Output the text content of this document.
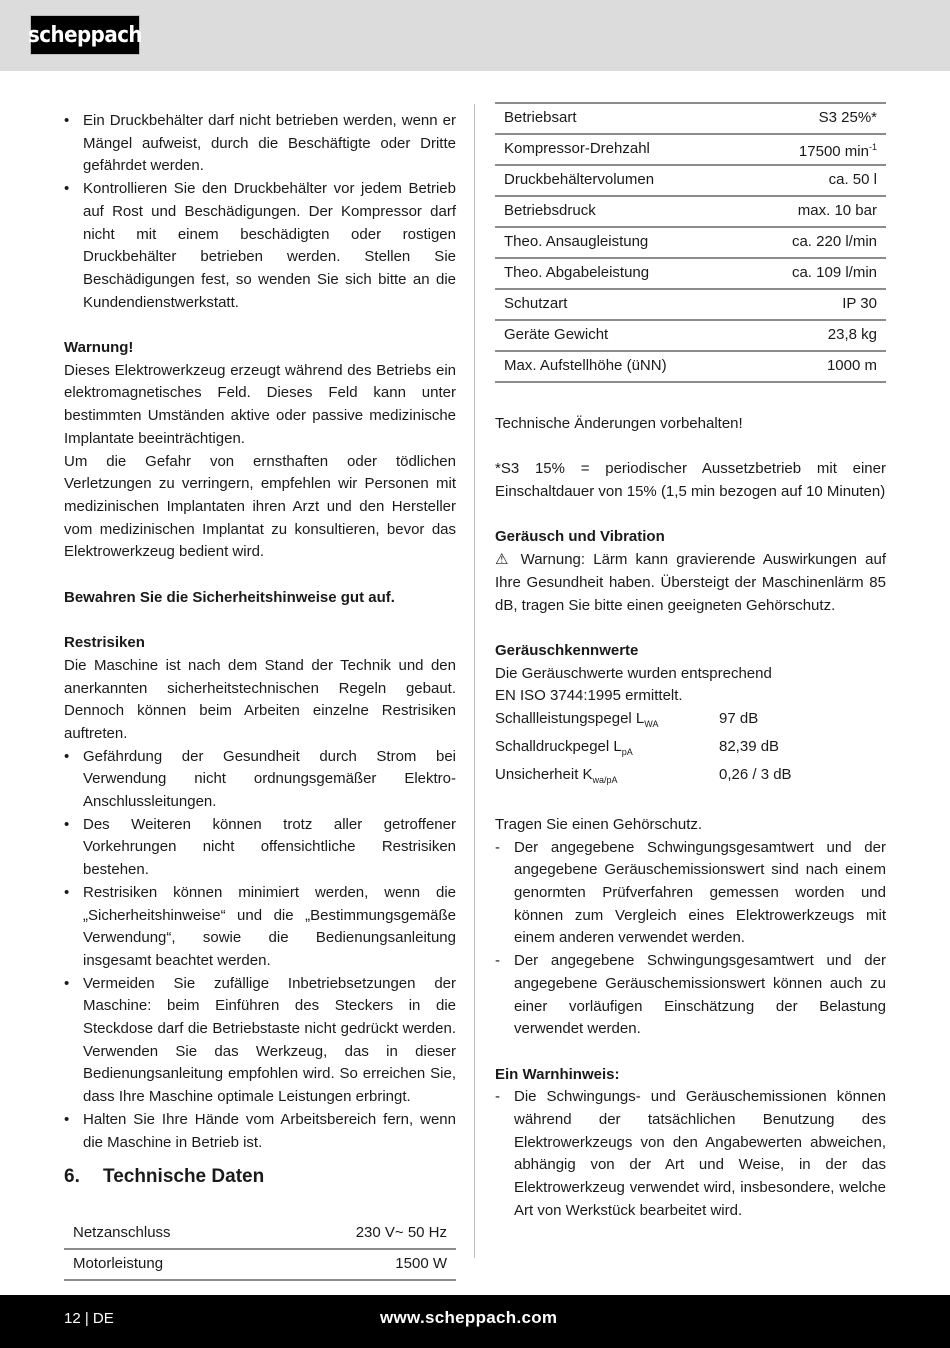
scheppach
• Ein Druckbehälter darf nicht betrieben werden, wenn er Mängel aufweist, durch die Beschäftigte oder Dritte gefährdet werden.
• Kontrollieren Sie den Druckbehälter vor jedem Betrieb auf Rost und Beschädigungen. Der Kompressor darf nicht mit einem beschädigten oder rostigen Druckbehälter betrieben werden. Stellen Sie Beschädigungen fest, so wenden Sie sich bitte an die Kundendienstwerkstatt.

Warnung!

Dieses Elektrowerkzeug erzeugt während des Betriebs ein elektromagnetisches Feld. Dieses Feld kann unter bestimmten Umständen aktive oder passive medizinische Implantate beeinträchtigen.

Um die Gefahr von ernsthaften oder tödlichen Verletzungen zu verringern, empfehlen wir Personen mit medizinischen Implantaten ihren Arzt und den Hersteller vom medizinischen Implantat zu konsultieren, bevor das Elektrowerkzeug bedient wird.

Bewahren Sie die Sicherheitshinweise gut auf.

Restrisiken

Die Maschine ist nach dem Stand der Technik und den anerkannten sicherheitstechnischen Regeln gebaut. Dennoch können beim Arbeiten einzelne Restrisiken auftreten.

• Gefährdung der Gesundheit durch Strom bei Verwendung nicht ordnungsgemäßer Elektro-Anschlussleitungen.
• Des Weiteren können trotz aller getroffener Vorkehrungen nicht offensichtliche Restrisiken bestehen.
• Restrisiken können minimiert werden, wenn die „Sicherheitshinweise“ und die „Bestimmungsgemäße Verwendung“, sowie die Bedienungsanleitung insgesamt beachtet werden.
• Vermeiden Sie zufällige Inbetriebsetzungen der Maschine: beim Einführen des Steckers in die Steckdose darf die Betriebstaste nicht gedrückt werden. Verwenden Sie das Werkzeug, das in dieser Bedienungsanleitung empfohlen wird. So erreichen Sie, dass Ihre Maschine optimale Leistungen erbringt.
• Halten Sie Ihre Hände vom Arbeitsbereich fern, wenn die Maschine in Betrieb ist.
6.	Technische Daten
Netzanschluss	230 V~ 50 Hz
Motorleistung	1500 W
Betriebsart	S3 25%*
Kompressor-Drehzahl	17500 $\min^{-1}$
Druckbehältervolumen	ca. 50 l
Betriebsdruck	max. 10 bar
Theo. Ansaugleistung	ca. 220 l/min
Theo. Abgabeleistung	ca. 109 l/min
Schutzart	IP 30
Geräte Gewicht	23,8 kg
Max. Aufstellhöhe (üNN)	1000 m

Technische Änderungen vorbehalten!

*S3 15% = periodischer Aussetzbetrieb mit einer Einschaltdauer von 15% (1,5 min bezogen auf 10 Minuten)

Geräusch und Vibration

⚠ Warnung: Lärm kann gravierende Auswirkungen auf Ihre Gesundheit haben. Übersteigt der Maschinenlärm 85 dB, tragen Sie bitte einen geeigneten Gehörschutz.

Geräuschkennwerte

Die Geräuschwerte wurden entsprechend

EN ISO 3744:1995 ermittelt.

Schallleistungspegel $L_{WA}$	97 dB
Schalldruckpegel $L_{pA}$	82,39 dB
Unsicherheit $K_{wa/pA}$	0,26 / 3 dB

Tragen Sie einen Gehörschutz.

- Der angegebene Schwingungsgesamtwert und der angegebene Geräuschemissionswert sind nach einem genormten Prüfverfahren gemessen worden und können zum Vergleich eines Elektrowerkzeugs mit einem anderen verwendet werden.
- Der angegebene Schwingungsgesamtwert und der angegebene Geräuschemissionswert können auch zu einer vorläufigen Einschätzung der Belastung verwendet werden.

Ein Warnhinweis:

- Die Schwingungs- und Geräuschemissionen können während der tatsächlichen Benutzung des Elektrowerkzeugs von den Angabewerten abweichen, abhängig von der Art und Weise, in der das Elektrowerkzeug verwendet wird, insbesondere, welche Art von Werkstück bearbeitet wird.
12 | DE	www.scheppach.com
